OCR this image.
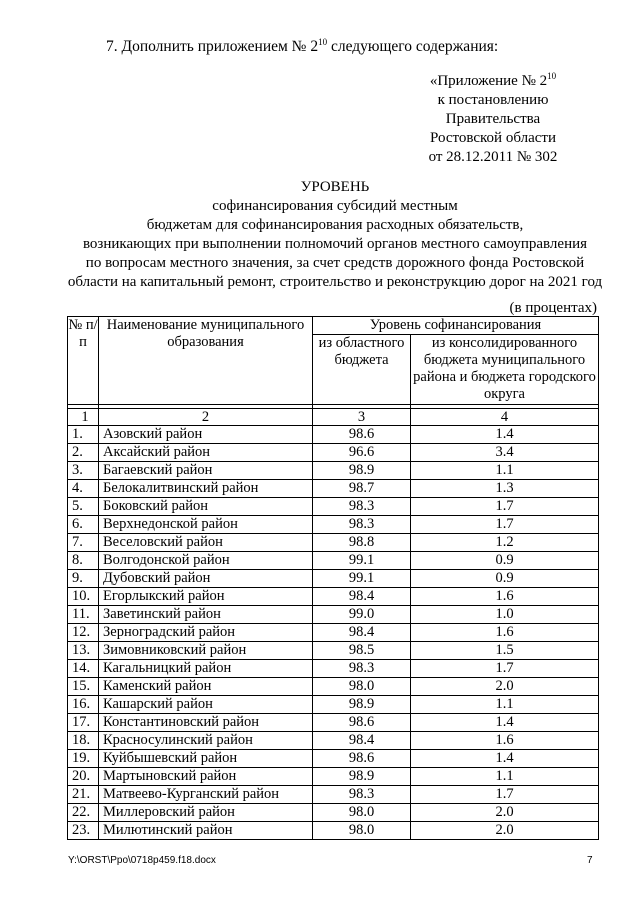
7. Дополнить приложением № $2^{10}$ следующего содержания:
«Приложение № $2^{10}$
к постановлению
Правительства
Ростовской области
от 28.12.2011 № 302
УРОВЕНЬ
софинансирования субсидий местным
бюджетам для софинансирования расходных обязательств,
возникающих при выполнении полномочий органов местного самоуправления
по вопросам местного значения, за счет средств дорожного фонда Ростовской
области на капитальный ремонт, строительство и реконструкцию дорог на 2021 год
(в процентах)
№ п/п	Наименование муниципального образования	Уровень софинансирования	
		из областного бюджета	из консолидированного бюджета муниципального района и бюджета городского округа

1	2	3	4
1.	Азовский район	98.6	1.4
2.	Аксайский район	96.6	3.4
3.	Багаевский район	98.9	1.1
4.	Белокалитвинский район	98.7	1.3
5.	Боковский район	98.3	1.7
6.	Верхнедонской район	98.3	1.7
7.	Веселовский район	98.8	1.2
8.	Волгодонской район	99.1	0.9
9.	Дубовский район	99.1	0.9
10.	Егорлыкский район	98.4	1.6
11.	Заветинский район	99.0	1.0
12.	Зерноградский район	98.4	1.6
13.	Зимовниковский район	98.5	1.5
14.	Кагальницкий район	98.3	1.7
15.	Каменский район	98.0	2.0
16.	Кашарский район	98.9	1.1
17.	Константиновский район	98.6	1.4
18.	Красносулинский район	98.4	1.6
19.	Куйбышевский район	98.6	1.4
20.	Мартыновский район	98.9	1.1
21.	Матвеево-Курганский район	98.3	1.7
22.	Миллеровский район	98.0	2.0
23.	Милютинский район	98.0	2.0
Y:\ORST\Ppo\0718p459.f18.docx	7
